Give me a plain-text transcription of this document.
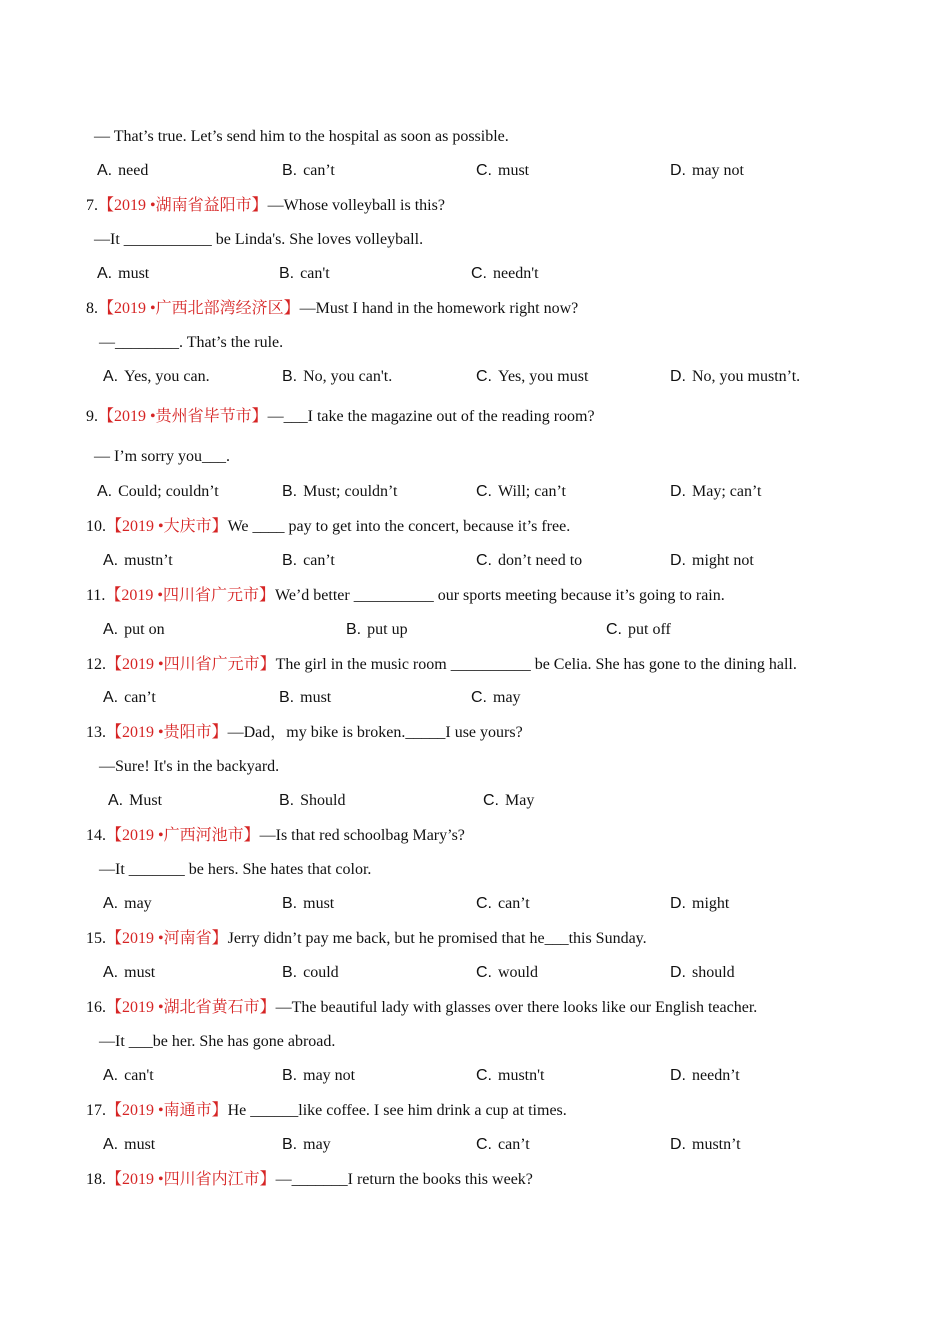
— That’s true. Let’s send him to the hospital as soon as possible.
—It ___________ be Linda's. She loves volleyball.
—________. That’s the rule.
— I’m sorry you___.
—Sure! It's in the backyard.
—It _______ be hers. She hates that color.
—It ___be her. She has gone abroad.
7.【2019 •湖南省益阳市】—Whose volleyball is this?
8.【2019 •广西北部湾经济区】—Must I hand in the homework right now?
9.【2019 •贵州省毕节市】—___I take the magazine out of the reading room?
10.【2019 •大庆市】We ____ pay to get into the concert, because it’s free.
11.【2019 •四川省广元市】We’d better __________ our sports meeting because it’s going to rain.
12.【2019 •四川省广元市】The girl in the music room __________ be Celia. She has gone to the dining hall.
13.【2019 •贵阳市】—Dad，my bike is broken._____I use yours?
14.【2019 •广西河池市】—Is that red schoolbag Mary’s?
15.【2019 •河南省】Jerry didn’t pay me back, but he promised that he___this Sunday.
16.【2019 •湖北省黄石市】—The beautiful lady with glasses over there looks like our English teacher.
17.【2019 •南通市】He ______like coffee. I see him drink a cup at times.
18.【2019 •四川省内江市】—_______I return the books this week?
A. need	B. can’t	C. must	D. may not
A. must	B. can't	C. needn't
A. Yes, you can.	B. No, you can't.	C. Yes, you must	D. No, you mustn’t.
A. Could; couldn’t	B. Must; couldn’t	C. Will; can’t	D. May; can’t
A. mustn’t	B. can’t	C. don’t need to	D. might not
A. put on	B. put up	C. put off
A. can’t	B. must	C. may
A. Must	B. Should	C. May
A. may	B. must	C. can’t	D. might
A. must	B. could	C. would	D. should
A. can't	B. may not	C. mustn't	D. needn’t
A. must	B. may	C. can’t	D. mustn’t
